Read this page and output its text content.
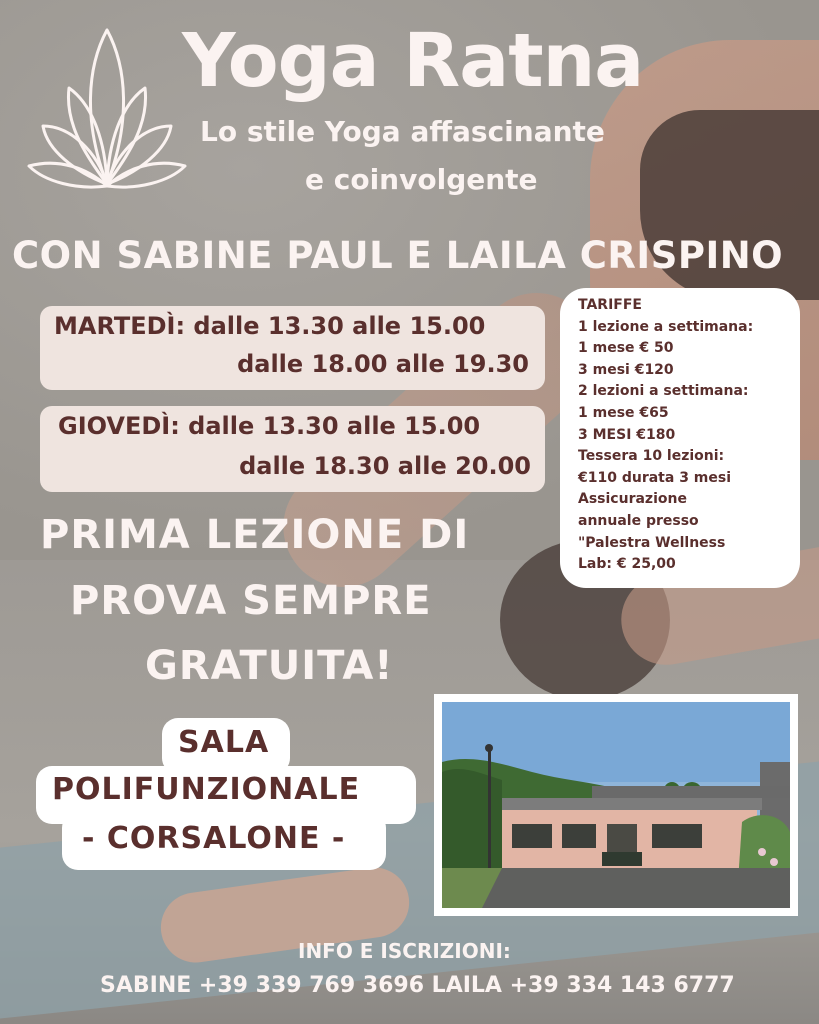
Yoga Ratna
Lo stile Yoga affascinante
e coinvolgente
CON SABINE PAUL E LAILA CRISPINO
MARTEDÌ: dalle 13.30 alle 15.00
dalle 18.00 alle 19.30
GIOVEDÌ: dalle 13.30 alle 15.00
dalle 18.30 alle 20.00
TARIFFE
1 lezione a settimana:
1 mese € 50
3 mesi €120
2 lezioni a settimana:
1 mese €65
3 MESI €180
Tessera 10 lezioni:
€110 durata 3 mesi
Assicurazione
annuale presso
"Palestra Wellness
Lab: € 25,00
PRIMA LEZIONE DI
PROVA SEMPRE
GRATUITA!
SALA
POLIFUNZIONALE
- CORSALONE -
INFO E ISCRIZIONI:
SABINE +39 339 769 3696 LAILA +39 334 143 6777
